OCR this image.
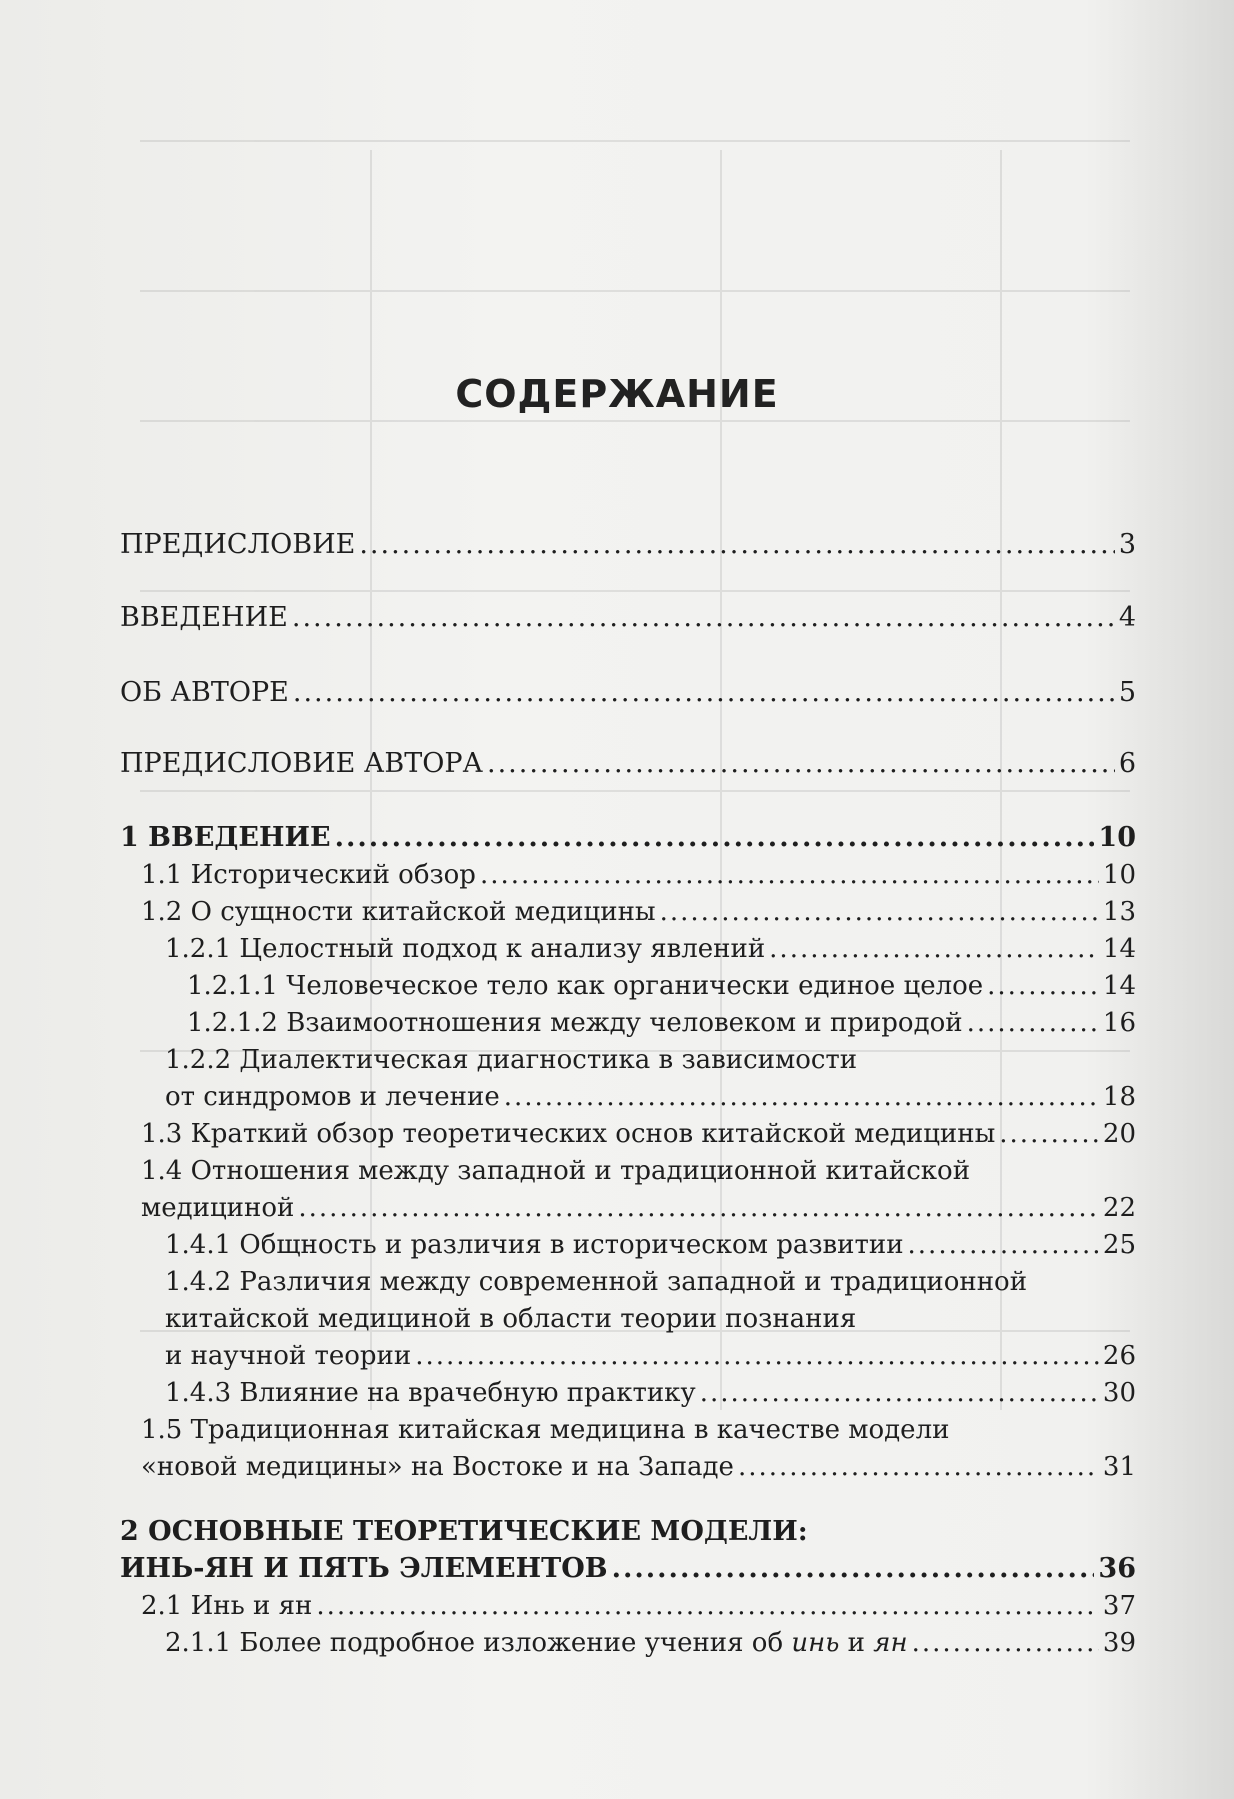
СОДЕРЖАНИЕ
ПРЕДИСЛОВИЕ .....	3
ВВЕДЕНИЕ .....	4
ОБ АВТОРЕ .....	5
ПРЕДИСЛОВИЕ АВТОРА .....	6
1 ВВЕДЕНИЕ .....	10
1.1 Исторический обзор .....	10
1.2 О сущности китайской медицины .....	13
1.2.1 Целостный подход к анализу явлений .....	14
1.2.1.1 Человеческое тело как органически единое целое .....	14
1.2.1.2 Взаимоотношения между человеком и природой .....	16
1.2.2 Диалектическая диагностика в зависимости
от синдромов и лечение .....	18
1.3 Краткий обзор теоретических основ китайской медицины .....	20
1.4 Отношения между западной и традиционной китайской
медициной .....	22
1.4.1 Общность и различия в историческом развитии .....	25
1.4.2 Различия между современной западной и традиционной
китайской медициной в области теории познания
и научной теории .....	26
1.4.3 Влияние на врачебную практику .....	30
1.5 Традиционная китайская медицина в качестве модели
«новой медицины» на Востоке и на Западе .....	31
2 ОСНОВНЫЕ ТЕОРЕТИЧЕСКИЕ МОДЕЛИ:
ИНЬ-ЯН И ПЯТЬ ЭЛЕМЕНТОВ .....	36
2.1 Инь и ян .....	37
2.1.1 Более подробное изложение учения об инь и ян .....	39
